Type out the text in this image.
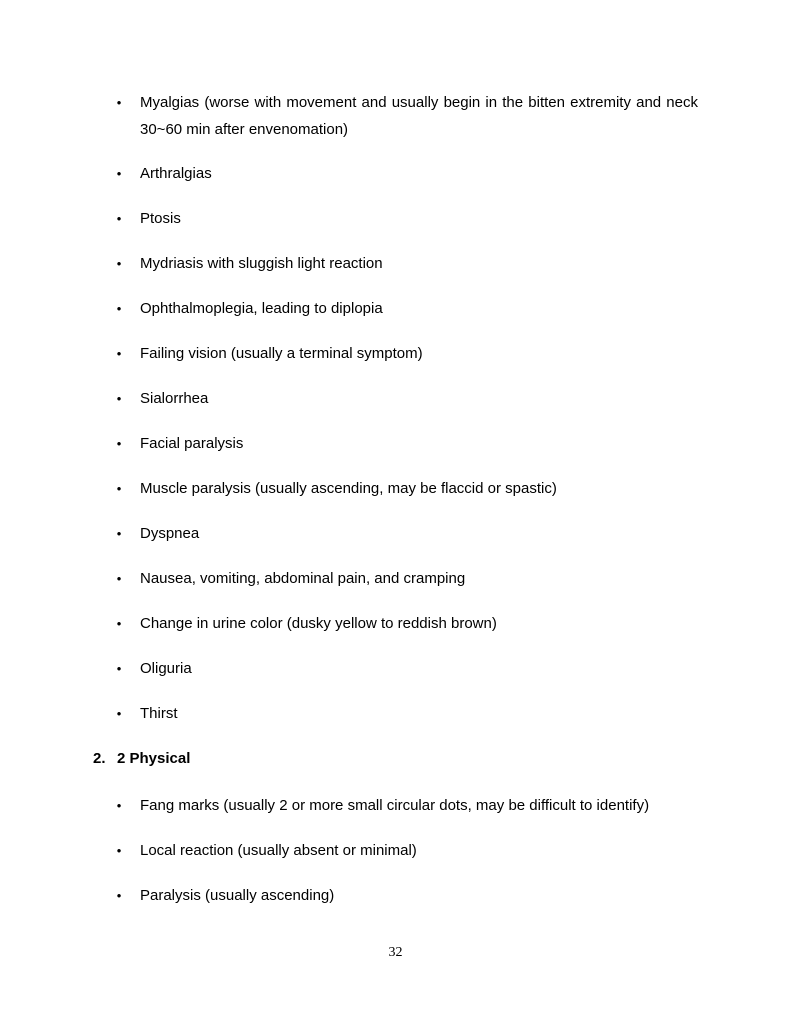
• Myalgias (worse with movement and usually begin in the bitten extremity and neck 30~60 min after envenomation)
• Arthralgias
• Ptosis
• Mydriasis with sluggish light reaction
• Ophthalmoplegia, leading to diplopia
• Failing vision (usually a terminal symptom)
• Sialorrhea
• Facial paralysis
• Muscle paralysis (usually ascending, may be flaccid or spastic)
• Dyspnea
• Nausea, vomiting, abdominal pain, and cramping
• Change in urine color (dusky yellow to reddish brown)
• Oliguria
• Thirst
2. 2 Physical
• Fang marks (usually 2 or more small circular dots, may be difficult to identify)
• Local reaction (usually absent or minimal)
• Paralysis (usually ascending)
32
